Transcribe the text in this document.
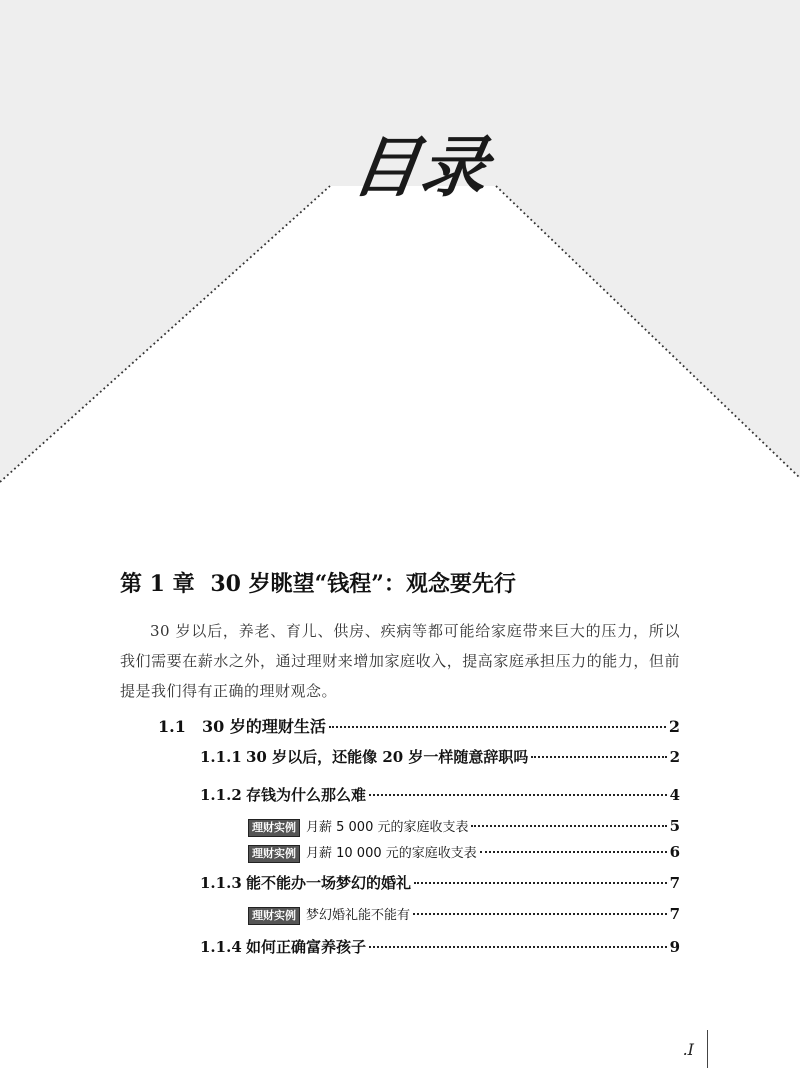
目录
第 1 章 30 岁眺望“钱程”：观念要先行
30 岁以后，养老、育儿、供房、疾病等都可能给家庭带来巨大的压力，所以我们需要在薪水之外，通过理财来增加家庭收入，提高家庭承担压力的能力，但前提是我们得有正确的理财观念。
1.1	30 岁的理财生活	2
1.1.1 30 岁以后，还能像 20 岁一样随意辞职吗	2
1.1.2 存钱为什么那么难	4
理财实例 月薪 5 000 元的家庭收支表	5
理财实例 月薪 10 000 元的家庭收支表	6
1.1.3 能不能办一场梦幻的婚礼	7
理财实例 梦幻婚礼能不能有	7
1.1.4 如何正确富养孩子	9
.I
